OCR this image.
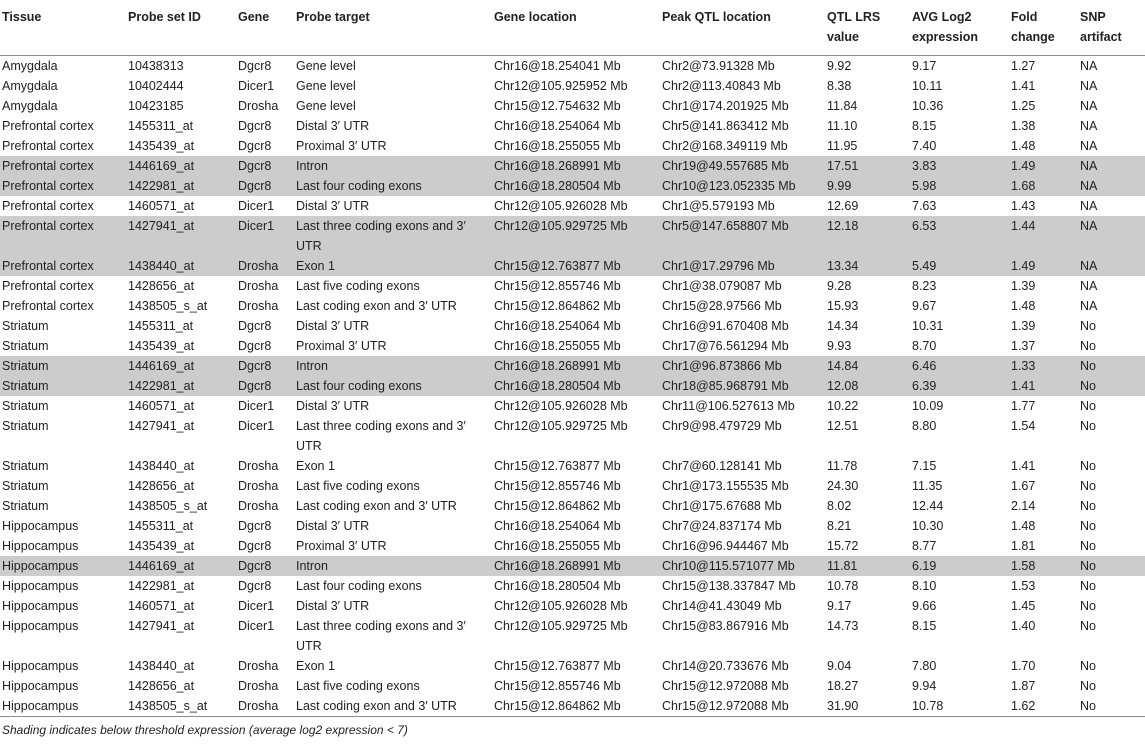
Tissue	Probe set ID	Gene	Probe target	Gene location	Peak QTL location	QTL LRS value	AVG Log2 expression	Fold change	SNP artifact
Amygdala	10438313	Dgcr8	Gene level	Chr16@18.254041 Mb	Chr2@73.91328 Mb	9.92	9.17	1.27	NA
Amygdala	10402444	Dicer1	Gene level	Chr12@105.925952 Mb	Chr2@113.40843 Mb	8.38	10.11	1.41	NA
Amygdala	10423185	Drosha	Gene level	Chr15@12.754632 Mb	Chr1@174.201925 Mb	11.84	10.36	1.25	NA
Prefrontal cortex	1455311_at	Dgcr8	Distal 3′ UTR	Chr16@18.254064 Mb	Chr5@141.863412 Mb	11.10	8.15	1.38	NA
Prefrontal cortex	1435439_at	Dgcr8	Proximal 3′ UTR	Chr16@18.255055 Mb	Chr2@168.349119 Mb	11.95	7.40	1.48	NA
Prefrontal cortex	1446169_at	Dgcr8	Intron	Chr16@18.268991 Mb	Chr19@49.557685 Mb	17.51	3.83	1.49	NA
Prefrontal cortex	1422981_at	Dgcr8	Last four coding exons	Chr16@18.280504 Mb	Chr10@123.052335 Mb	9.99	5.98	1.68	NA
Prefrontal cortex	1460571_at	Dicer1	Distal 3′ UTR	Chr12@105.926028 Mb	Chr1@5.579193 Mb	12.69	7.63	1.43	NA
Prefrontal cortex	1427941_at	Dicer1	Last three coding exons and 3′ UTR	Chr12@105.929725 Mb	Chr5@147.658807 Mb	12.18	6.53	1.44	NA
Prefrontal cortex	1438440_at	Drosha	Exon 1	Chr15@12.763877 Mb	Chr1@17.29796 Mb	13.34	5.49	1.49	NA
Prefrontal cortex	1428656_at	Drosha	Last five coding exons	Chr15@12.855746 Mb	Chr1@38.079087 Mb	9.28	8.23	1.39	NA
Prefrontal cortex	1438505_s_at	Drosha	Last coding exon and 3′ UTR	Chr15@12.864862 Mb	Chr15@28.97566 Mb	15.93	9.67	1.48	NA
Striatum	1455311_at	Dgcr8	Distal 3′ UTR	Chr16@18.254064 Mb	Chr16@91.670408 Mb	14.34	10.31	1.39	No
Striatum	1435439_at	Dgcr8	Proximal 3′ UTR	Chr16@18.255055 Mb	Chr17@76.561294 Mb	9.93	8.70	1.37	No
Striatum	1446169_at	Dgcr8	Intron	Chr16@18.268991 Mb	Chr1@96.873866 Mb	14.84	6.46	1.33	No
Striatum	1422981_at	Dgcr8	Last four coding exons	Chr16@18.280504 Mb	Chr18@85.968791 Mb	12.08	6.39	1.41	No
Striatum	1460571_at	Dicer1	Distal 3′ UTR	Chr12@105.926028 Mb	Chr11@106.527613 Mb	10.22	10.09	1.77	No
Striatum	1427941_at	Dicer1	Last three coding exons and 3′ UTR	Chr12@105.929725 Mb	Chr9@98.479729 Mb	12.51	8.80	1.54	No
Striatum	1438440_at	Drosha	Exon 1	Chr15@12.763877 Mb	Chr7@60.128141 Mb	11.78	7.15	1.41	No
Striatum	1428656_at	Drosha	Last five coding exons	Chr15@12.855746 Mb	Chr1@173.155535 Mb	24.30	11.35	1.67	No
Striatum	1438505_s_at	Drosha	Last coding exon and 3′ UTR	Chr15@12.864862 Mb	Chr1@175.67688 Mb	8.02	12.44	2.14	No
Hippocampus	1455311_at	Dgcr8	Distal 3′ UTR	Chr16@18.254064 Mb	Chr7@24.837174 Mb	8.21	10.30	1.48	No
Hippocampus	1435439_at	Dgcr8	Proximal 3′ UTR	Chr16@18.255055 Mb	Chr16@96.944467 Mb	15.72	8.77	1.81	No
Hippocampus	1446169_at	Dgcr8	Intron	Chr16@18.268991 Mb	Chr10@115.571077 Mb	11.81	6.19	1.58	No
Hippocampus	1422981_at	Dgcr8	Last four coding exons	Chr16@18.280504 Mb	Chr15@138.337847 Mb	10.78	8.10	1.53	No
Hippocampus	1460571_at	Dicer1	Distal 3′ UTR	Chr12@105.926028 Mb	Chr14@41.43049 Mb	9.17	9.66	1.45	No
Hippocampus	1427941_at	Dicer1	Last three coding exons and 3′ UTR	Chr12@105.929725 Mb	Chr15@83.867916 Mb	14.73	8.15	1.40	No
Hippocampus	1438440_at	Drosha	Exon 1	Chr15@12.763877 Mb	Chr14@20.733676 Mb	9.04	7.80	1.70	No
Hippocampus	1428656_at	Drosha	Last five coding exons	Chr15@12.855746 Mb	Chr15@12.972088 Mb	18.27	9.94	1.87	No
Hippocampus	1438505_s_at	Drosha	Last coding exon and 3′ UTR	Chr15@12.864862 Mb	Chr15@12.972088 Mb	31.90	10.78	1.62	No
Shading indicates below threshold expression (average log2 expression < 7)
